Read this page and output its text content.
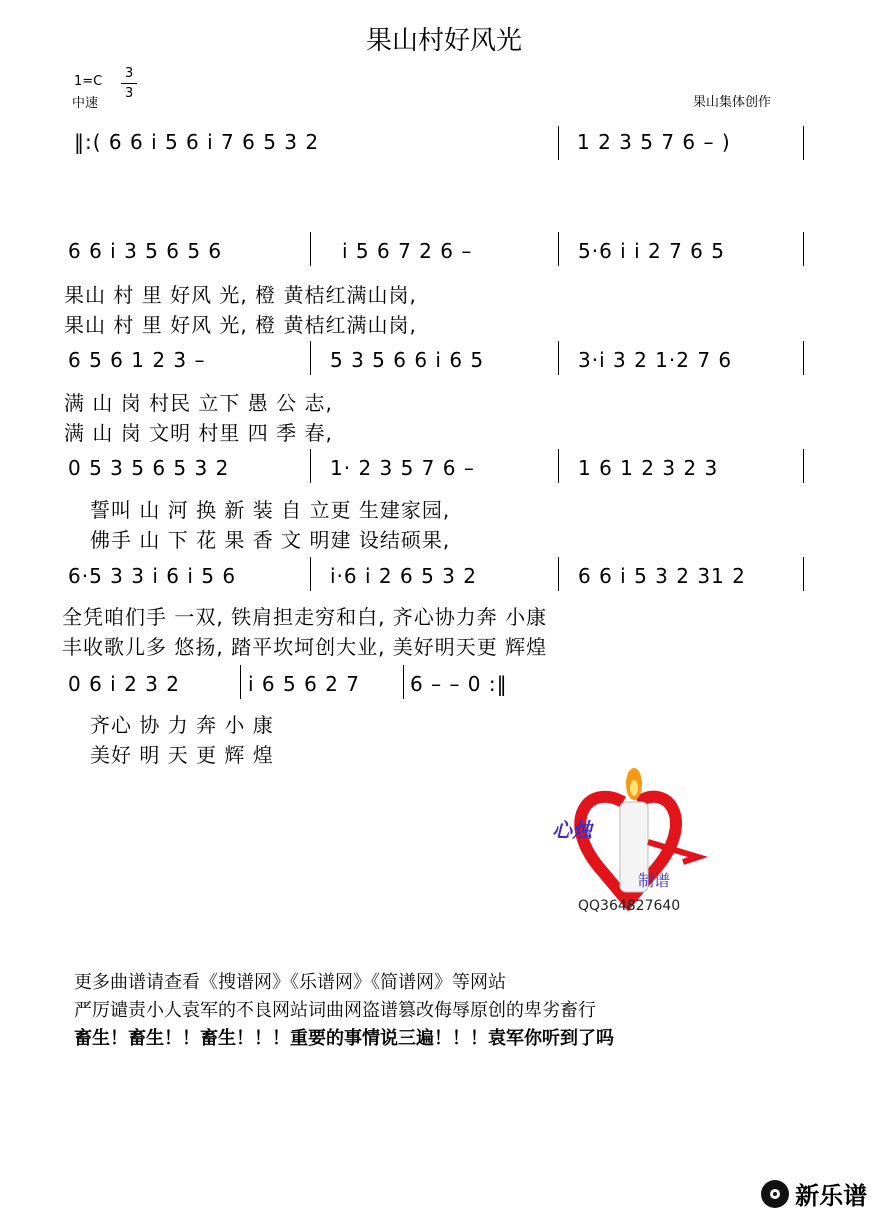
果山村好风光
1=C
中速
3
3
果山集体创作
‖:( 6 6 i 5 6 i 7 6 5 3 2	1 2 3 5 7 6 – )
6 6 i 3 5 6 5 6	i 5 6 7 2 6 –	5·6 i i 2 7 6 5
果山 村 里 好风 光, 橙 黄桔红满山岗,
果山 村 里 好风 光, 橙 黄桔红满山岗,
6 5 6 1 2 3 –	5 3 5 6 6 i 6 5	3·i 3 2 1·2 7 6
满 山 岗 村民 立下 愚 公 志,
满 山 岗 文明 村里 四 季 春,
0 5 3 5 6 5 3 2	1· 2 3 5 7 6 –	1 6 1 2 3 2 3
誓叫 山 河 换 新 装 自 立更 生建家园,
佛手 山 下 花 果 香 文 明建 设结硕果,
6·5 3 3 i 6 i 5 6	i·6 i 2 6 5 3 2	6 6 i 5 3 2 31 2
全凭咱们手 一双, 铁肩担走穷和白, 齐心协力奔 小康
丰收歌儿多 悠扬, 踏平坎坷创大业, 美好明天更 辉煌
0 6 i 2 3 2	i 6 5 6 2 7	6 – – 0 :‖
齐心 协 力 奔 小 康
美好 明 天 更 辉 煌
心烛
制谱
QQ364827640
更多曲谱请查看《搜谱网》《乐谱网》《简谱网》等网站
严厉谴责小人袁军的不良网站词曲网盗谱篡改侮辱原创的卑劣畜行
畜生！畜生！！畜生！！！重要的事情说三遍！！！袁军你听到了吗
新乐谱
